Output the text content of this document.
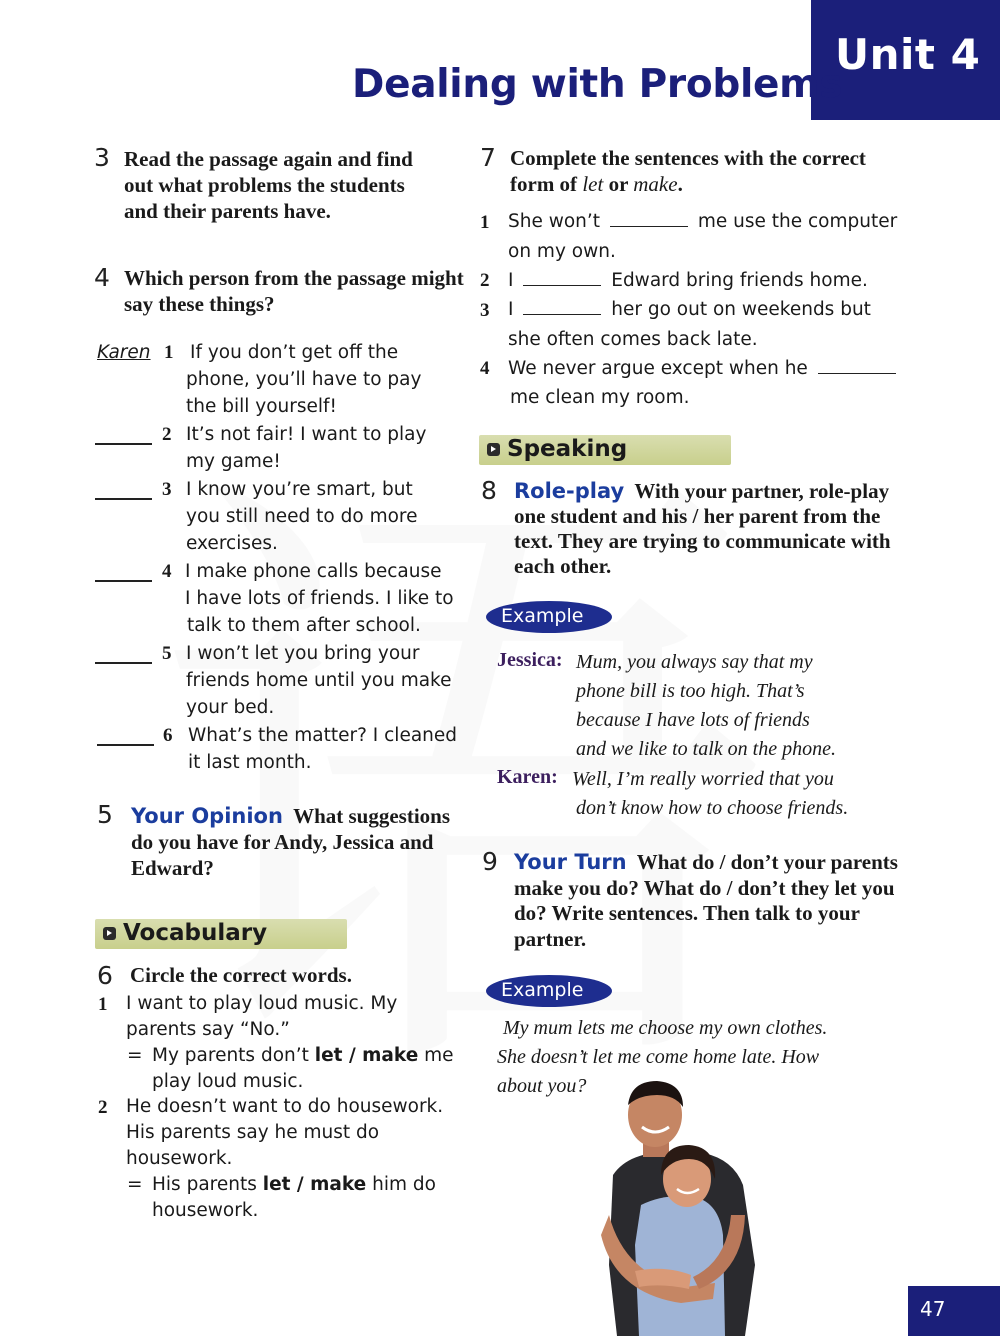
Unit 4
Dealing with Problems
3 Read the passage again and find out what problems the students and their parents have.
4 Which person from the passage might say these things?
Karen 1 If you don’t get off the
phone, you’ll have to pay
the bill yourself!
2 It’s not fair! I want to play
my game!
3 I know you’re smart, but
you still need to do more
exercises.
4 I make phone calls because
I have lots of friends. I like to
talk to them after school.
5 I won’t let you bring your
friends home until you make
your bed.
6 What’s the matter? I cleaned
it last month.
5 Your Opinion What suggestions do you have for Andy, Jessica and Edward?
Vocabulary
6 Circle the correct words.
1 I want to play loud music. My
parents say “No.”
= My parents don’t let / make me
play loud music.
2 He doesn’t want to do housework.
His parents say he must do
housework.
= His parents let / make him do
housework.
7 Complete the sentences with the correct form of let or make.
1 She won’t	me use the computer
on my own.
2 I	Edward bring friends home.
3 I	her go out on weekends but
she often comes back late.
4 We never argue except when he
me clean my room.
Speaking
8 Role-play With your partner, role-play one student and his / her parent from the text. They are trying to communicate with each other.
Example
Jessica: Mum, you always say that my
phone bill is too high. That’s
because I have lots of friends
and we like to talk on the phone.
Karen: Well, I’m really worried that you
don’t know how to choose friends.
9 Your Turn What do / don’t your parents make you do? What do / don’t they let you do? Write sentences. Then talk to your partner.
Example
My mum lets me choose my own clothes.
She doesn’t let me come home late. How
about you?
47
